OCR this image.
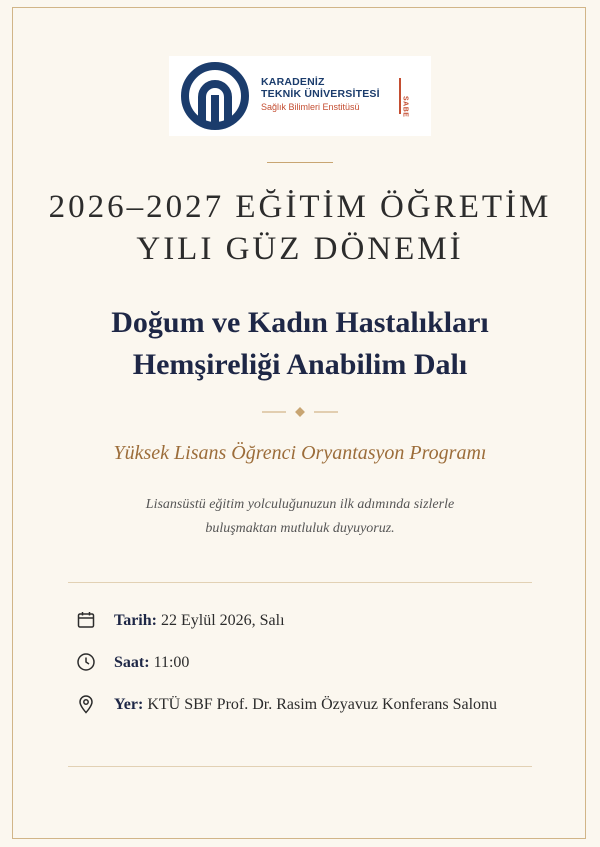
KARADENİZ
TEKNİK ÜNİVERSİTESİ
Sağlık Bilimleri Enstitüsü	SABE
2026–2027 EĞİTİM ÖĞRETİM
YILI GÜZ DÖNEMİ
Doğum ve Kadın Hastalıkları
Hemşireliği Anabilim Dalı
Yüksek Lisans Öğrenci Oryantasyon Programı
Lisansüstü eğitim yolculuğunuzun ilk adımında sizlerle
buluşmaktan mutluluk duyuyoruz.
Tarih: 22 Eylül 2026, Salı
Saat: 11:00
Yer: KTÜ SBF Prof. Dr. Rasim Özyavuz Konferans Salonu
